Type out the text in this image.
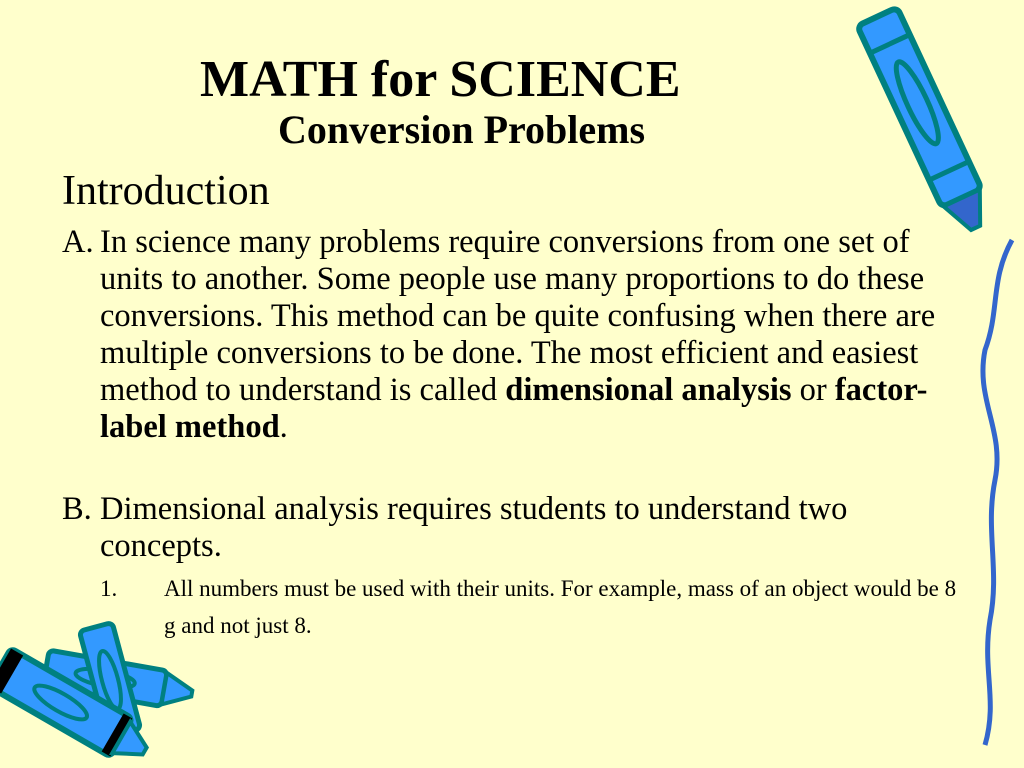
MATH for SCIENCE
Conversion Problems
Introduction
A. In science many problems require conversions from one set of units to another. Some people use many proportions to do these conversions. This method can be quite confusing when there are multiple conversions to be done. The most efficient and easiest method to understand is called dimensional analysis or factor-label method.
B. Dimensional analysis requires students to understand two concepts.
1.	All numbers must be used with their units. For example, mass of an object would be 8 g and not just 8.
